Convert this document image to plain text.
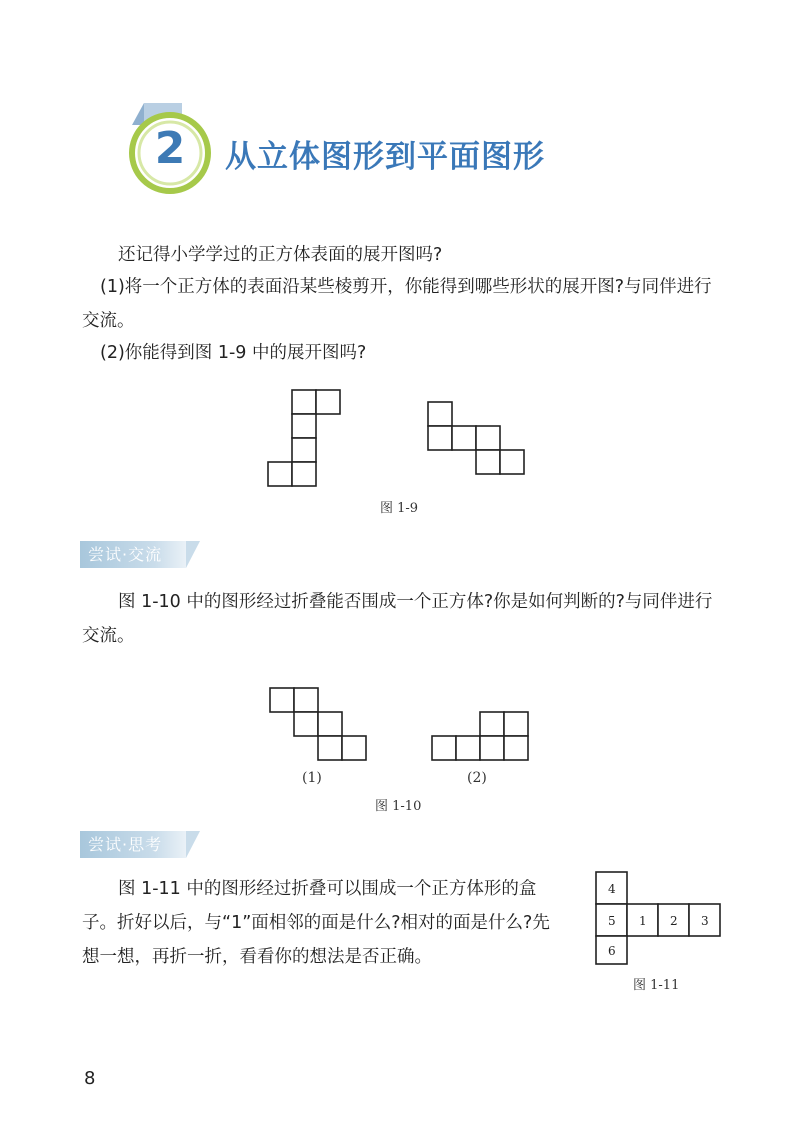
2	从立体图形到平面图形
还记得小学学过的正方体表面的展开图吗?
(1)将一个正方体的表面沿某些棱剪开，你能得到哪些形状的展开图?与同伴进行交流。
(2)你能得到图 1-9 中的展开图吗?
图 1-9
尝试·交流
图 1-10 中的图形经过折叠能否围成一个正方体?你是如何判断的?与同伴进行交流。
(1)	(2)
图 1-10
尝试·思考
图 1-11 中的图形经过折叠可以围成一个正方体形的盒子。折好以后，与“1”面相邻的面是什么?相对的面是什么?先想一想，再折一折，看看你的想法是否正确。
4
5 1 2 3
6
图 1-11
8
